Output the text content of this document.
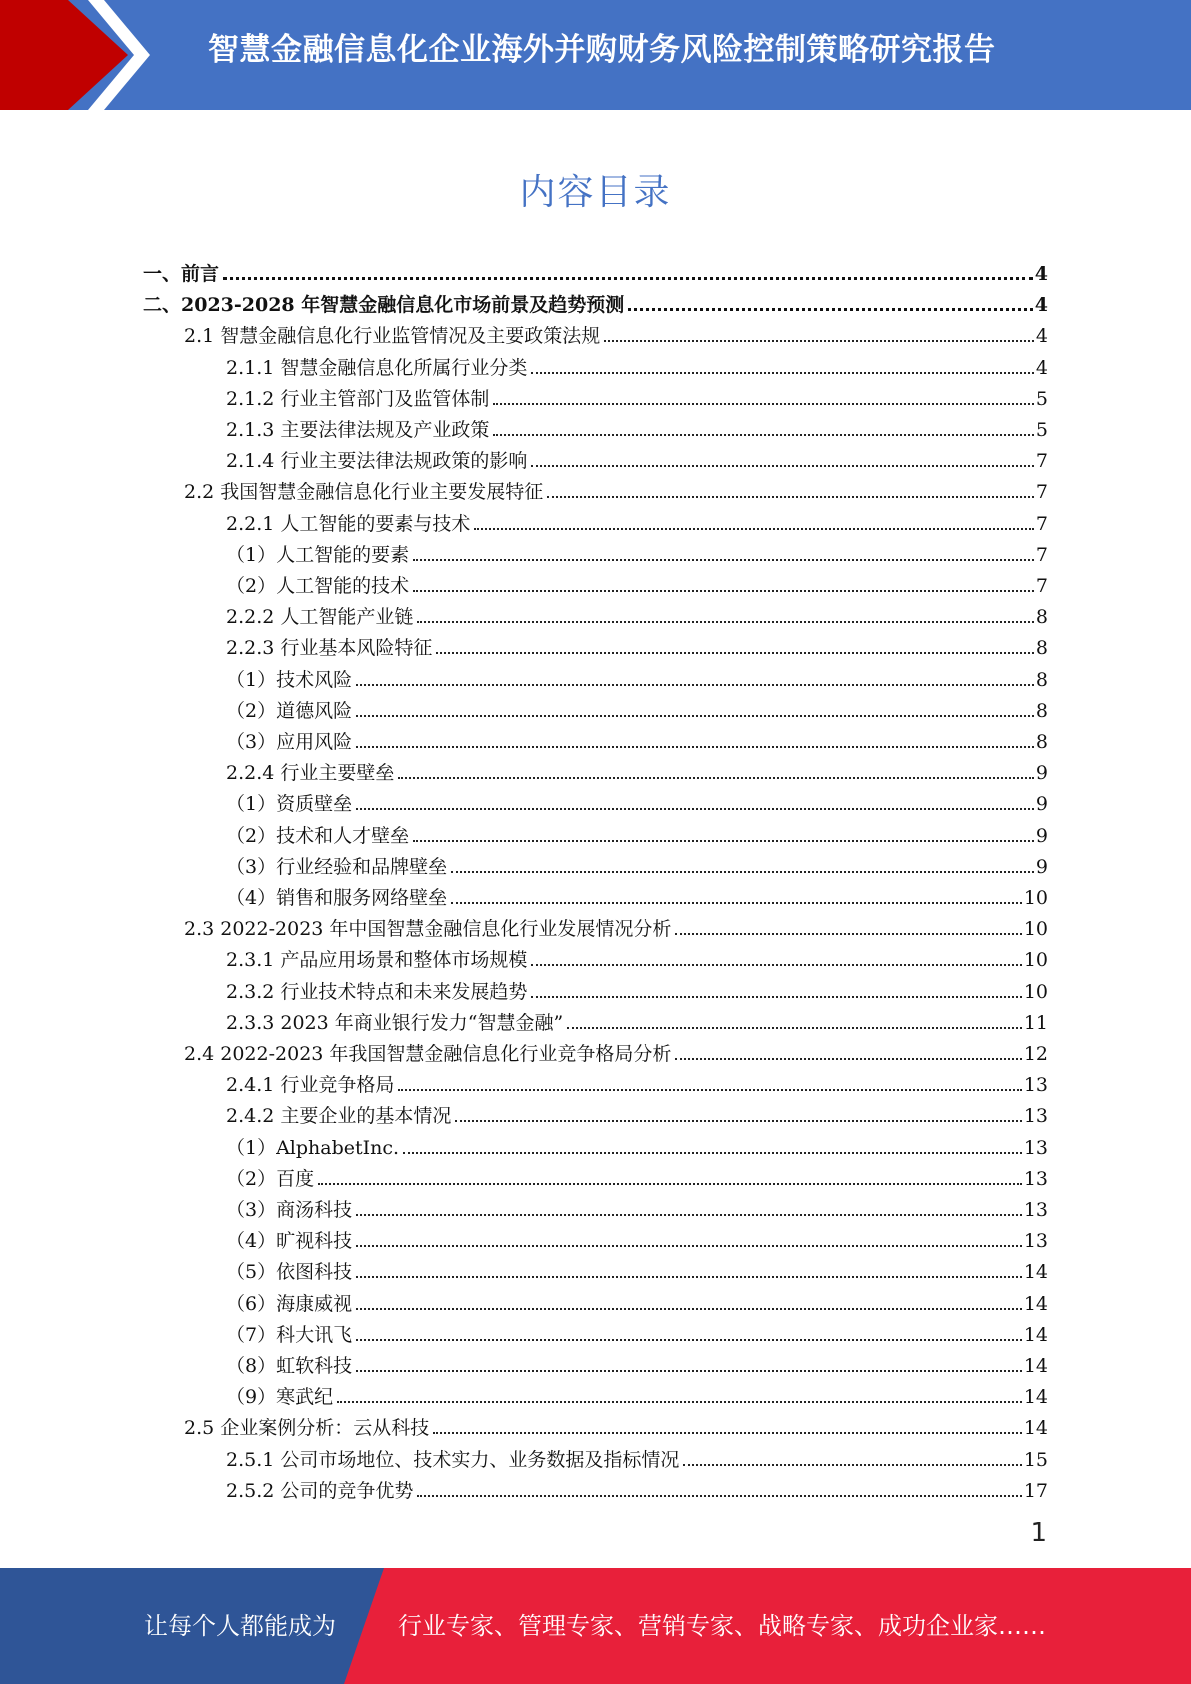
智慧金融信息化企业海外并购财务风险控制策略研究报告
内容目录
一、前言	4
二、2023-2028 年智慧金融信息化市场前景及趋势预测	4
2.1 智慧金融信息化行业监管情况及主要政策法规	4
2.1.1 智慧金融信息化所属行业分类	4
2.1.2 行业主管部门及监管体制	5
2.1.3 主要法律法规及产业政策	5
2.1.4 行业主要法律法规政策的影响	7
2.2 我国智慧金融信息化行业主要发展特征	7
2.2.1 人工智能的要素与技术	7
（1）人工智能的要素	7
（2）人工智能的技术	7
2.2.2 人工智能产业链	8
2.2.3 行业基本风险特征	8
（1）技术风险	8
（2）道德风险	8
（3）应用风险	8
2.2.4 行业主要壁垒	9
（1）资质壁垒	9
（2）技术和人才壁垒	9
（3）行业经验和品牌壁垒	9
（4）销售和服务网络壁垒	10
2.3 2022-2023 年中国智慧金融信息化行业发展情况分析	10
2.3.1 产品应用场景和整体市场规模	10
2.3.2 行业技术特点和未来发展趋势	10
2.3.3 2023 年商业银行发力“智慧金融”	11
2.4 2022-2023 年我国智慧金融信息化行业竞争格局分析	12
2.4.1 行业竞争格局	13
2.4.2 主要企业的基本情况	13
（1）AlphabetInc.	13
（2）百度	13
（3）商汤科技	13
（4）旷视科技	13
（5）依图科技	14
（6）海康威视	14
（7）科大讯飞	14
（8）虹软科技	14
（9）寒武纪	14
2.5 企业案例分析：云从科技	14
2.5.1 公司市场地位、技术实力、业务数据及指标情况	15
2.5.2 公司的竞争优势	17
1
让每个人都能成为	行业专家、管理专家、营销专家、战略专家、成功企业家……
